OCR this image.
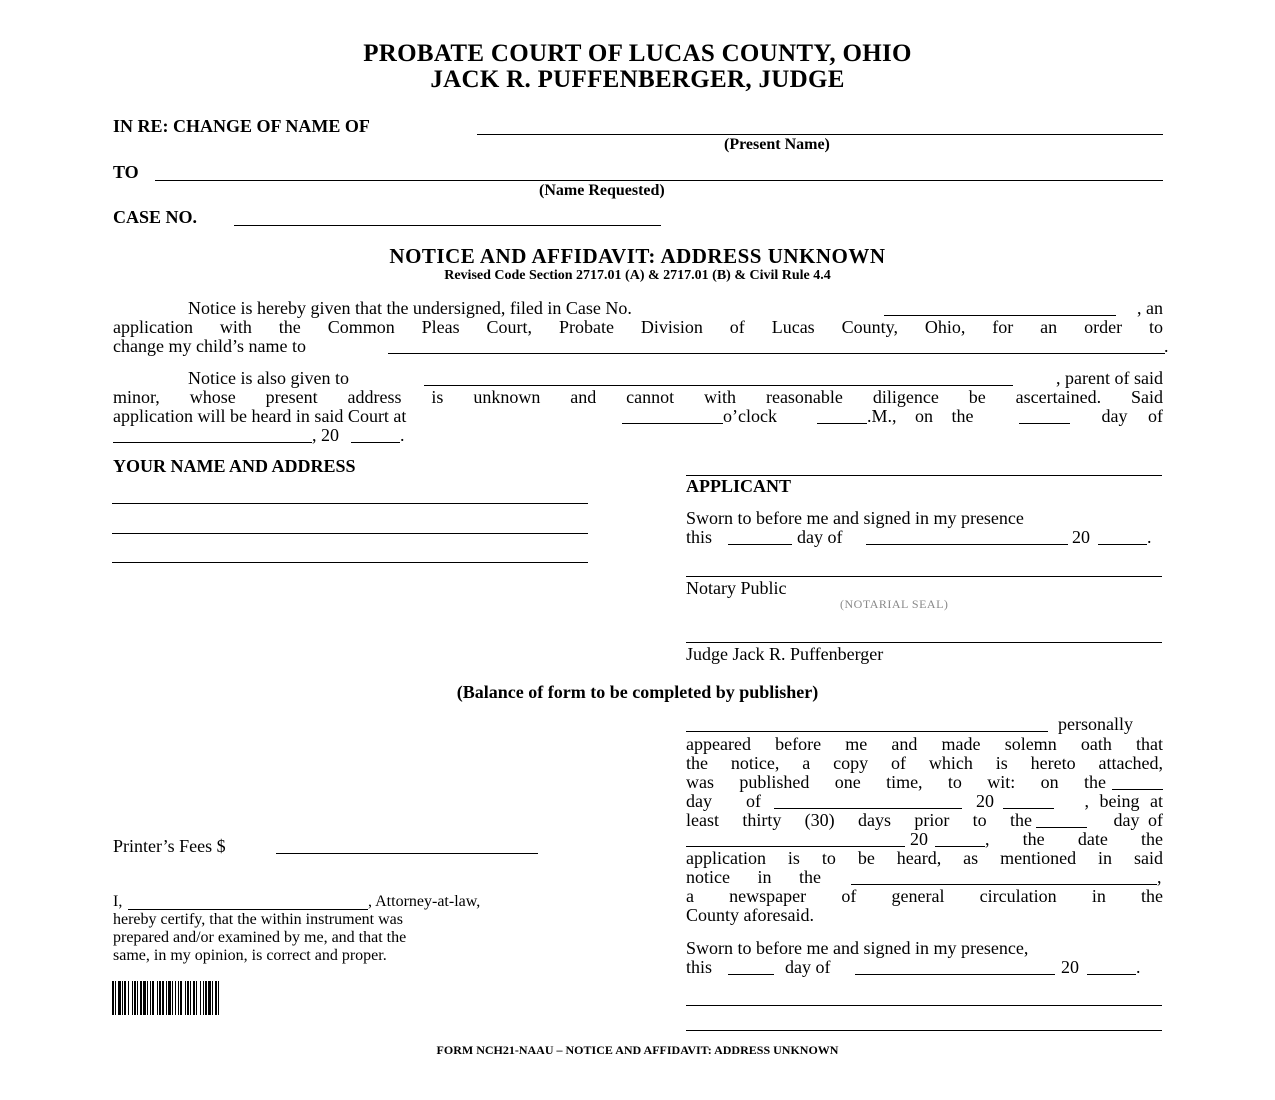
PROBATE COURT OF LUCAS COUNTY, OHIO
JACK R. PUFFENBERGER, JUDGE
IN RE: CHANGE OF NAME OF
(Present Name)
TO
(Name Requested)
CASE NO.
NOTICE AND AFFIDAVIT: ADDRESS UNKNOWN
Revised Code Section 2717.01 (A) & 2717.01 (B) & Civil Rule 4.4
Notice is hereby given that the undersigned, filed in Case No.	, an
application with the Common Pleas Court, Probate Division of Lucas County, Ohio, for an order to
change my child’s name to	.
Notice is also given to	, parent of said
minor, whose present address is unknown and cannot with reasonable diligence be ascertained. Said
application will be heard in said Court at	o’clock	.M., on the	day of
, 20	.
YOUR NAME AND ADDRESS
APPLICANT
Sworn to before me and signed in my presence
this	day of	20	.
Notary Public
(NOTARIAL SEAL)
Judge Jack R. Puffenberger
(Balance of form to be completed by publisher)
personally
appeared before me and made solemn oath that
the notice, a copy of which is hereto attached,
was published one time, to wit: on the
day of	20	, being at
least thirty (30) days prior to the	day of
20	, the date the
application is to be heard, as mentioned in said
notice in the	,
a newspaper of general circulation in the
County aforesaid.
Sworn to before me and signed in my presence,
this	day of	20	.
Printer’s Fees $
I,	, Attorney-at-law,
hereby certify, that the within instrument was
prepared and/or examined by me, and that the
same, in my opinion, is correct and proper.
FORM NCH21-NAAU – NOTICE AND AFFIDAVIT: ADDRESS UNKNOWN
